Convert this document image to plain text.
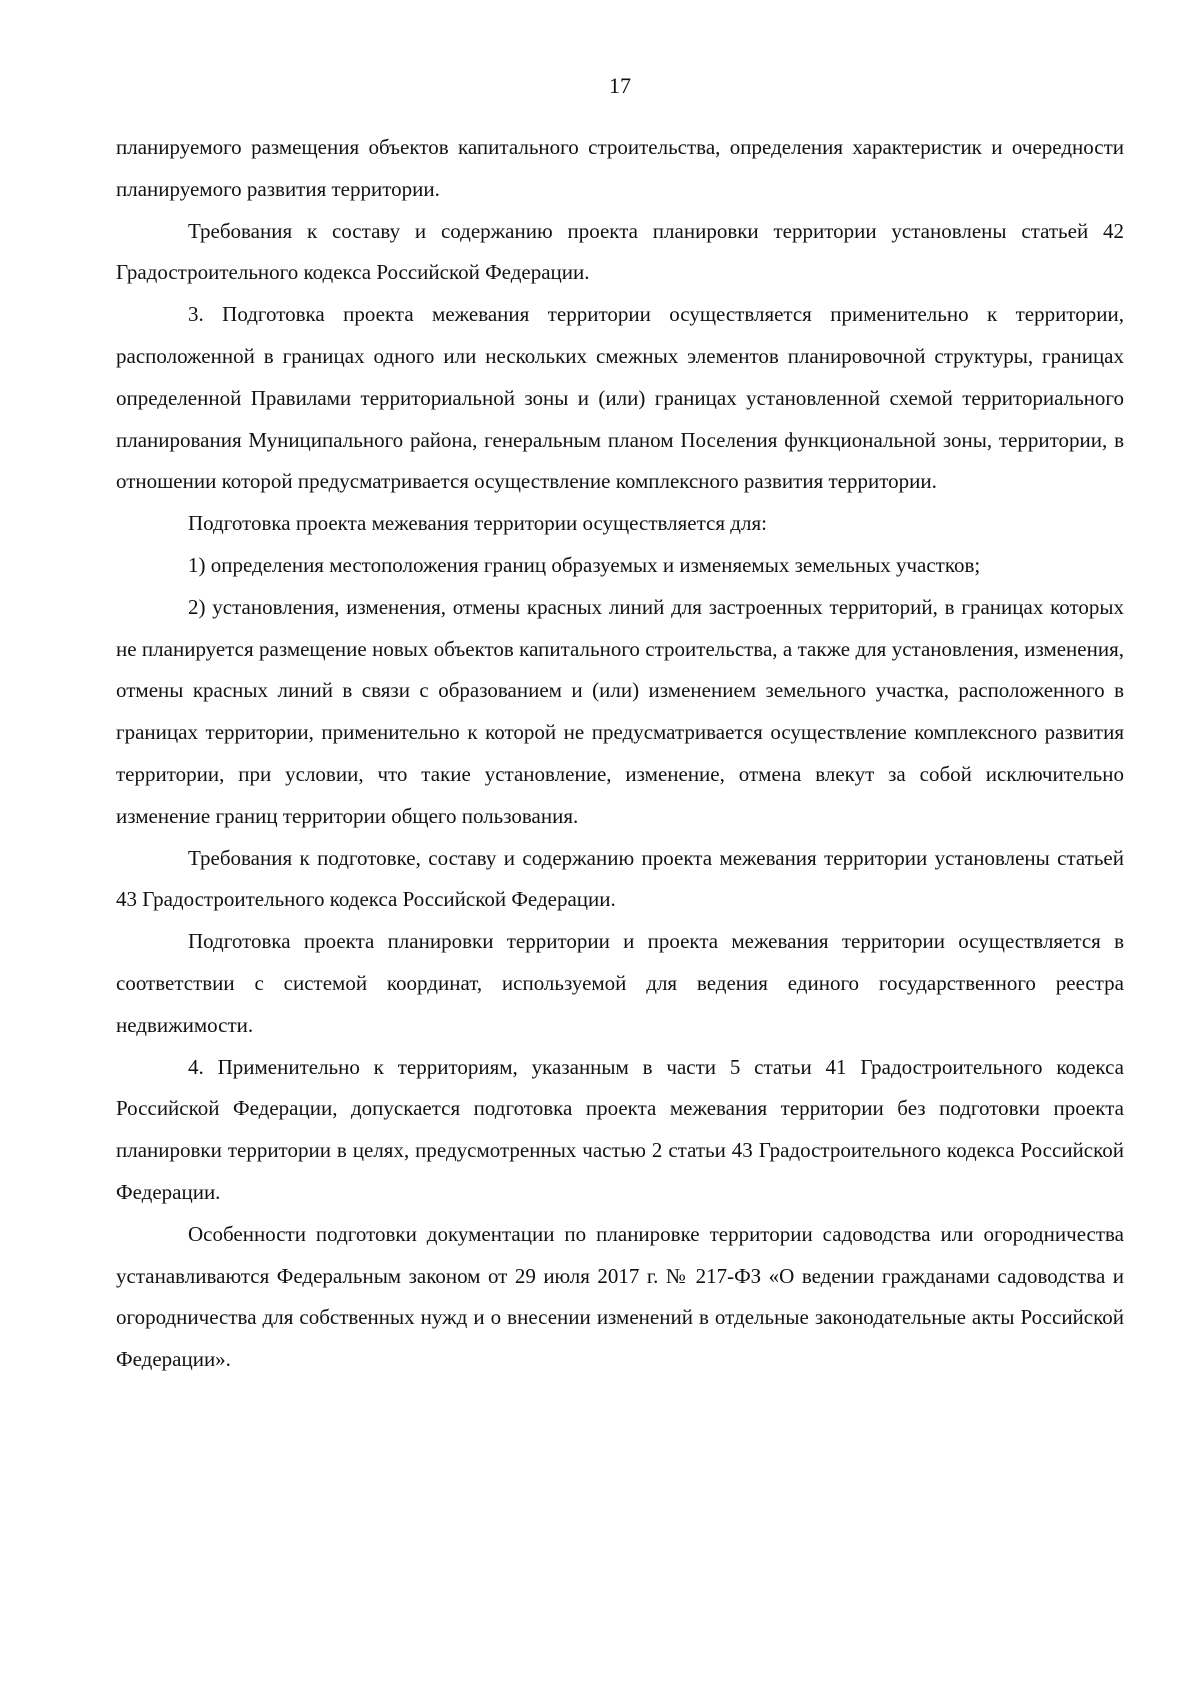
17

планируемого размещения объектов капитального строительства, определения характеристик и очередности планируемого развития территории.

Требования к составу и содержанию проекта планировки территории установлены статьей 42 Градостроительного кодекса Российской Федерации.

3. Подготовка проекта межевания территории осуществляется применительно к территории, расположенной в границах одного или нескольких смежных элементов планировочной структуры, границах определенной Правилами территориальной зоны и (или) границах установленной схемой территориального планирования Муниципального района, генеральным планом Поселения функциональной зоны, территории, в отношении которой предусматривается осуществление комплексного развития территории.

Подготовка проекта межевания территории осуществляется для:

1) определения местоположения границ образуемых и изменяемых земельных участков;

2) установления, изменения, отмены красных линий для застроенных территорий, в границах которых не планируется размещение новых объектов капитального строительства, а также для установления, изменения, отмены красных линий в связи с образованием и (или) изменением земельного участка, расположенного в границах территории, применительно к которой не предусматривается осуществление комплексного развития территории, при условии, что такие установление, изменение, отмена влекут за собой исключительно изменение границ территории общего пользования.

Требования к подготовке, составу и содержанию проекта межевания территории установлены статьей 43 Градостроительного кодекса Российской Федерации.

Подготовка проекта планировки территории и проекта межевания территории осуществляется в соответствии с системой координат, используемой для ведения единого государственного реестра недвижимости.

4. Применительно к территориям, указанным в части 5 статьи 41 Градостроительного кодекса Российской Федерации, допускается подготовка проекта межевания территории без подготовки проекта планировки территории в целях, предусмотренных частью 2 статьи 43 Градостроительного кодекса Российской Федерации.

Особенности подготовки документации по планировке территории садоводства или огородничества устанавливаются Федеральным законом от 29 июля 2017 г. № 217-ФЗ «О ведении гражданами садоводства и огородничества для собственных нужд и о внесении изменений в отдельные законодательные акты Российской Федерации».
